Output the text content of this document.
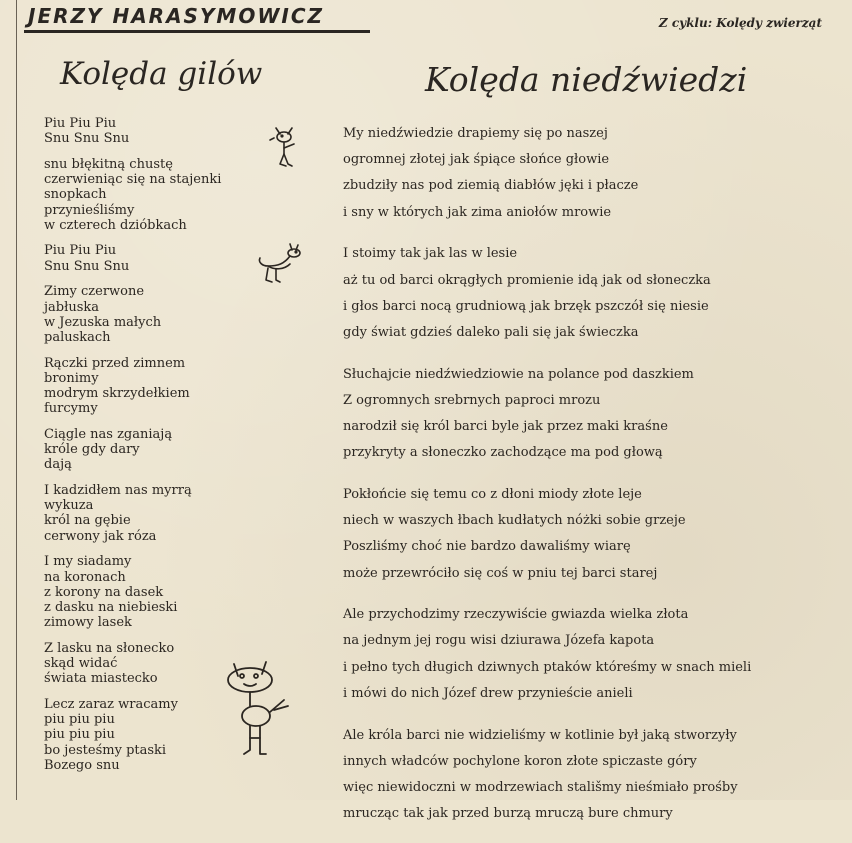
JERZY HARASYMOWICZ	Z cyklu: Kolędy zwierząt
Kolęda gilów	Kolęda niedźwiedzi
Piu Piu Piu
Snu Snu Snu
snu błękitną chustę
czerwieniąc się na stajenki
snopkach
przynieśliśmy
w czterech dzióbkach
Piu Piu Piu
Snu Snu Snu
Zimy czerwone
jabłuska
w Jezuska małych
paluskach
Rączki przed zimnem
bronimy
modrym skrzydełkiem
furcymy
Ciągle nas zganiają
króle gdy dary
dają
I kadzidłem nas myrrą
wykuza
król na gębie
cerwony jak róza
I my siadamy
na koronach
z korony na dasek
z dasku na niebieski
zimowy lasek
Z lasku na słonecko
skąd widać
świata miastecko
Lecz zaraz wracamy
piu piu piu
piu piu piu
bo jesteśmy ptaski
Bozego snu
My niedźwiedzie drapiemy się po naszej
ogromnej złotej jak śpiące słońce głowie
zbudziły nas pod ziemią diabłów jęki i płacze
i sny w których jak zima aniołów mrowie
I stoimy tak jak las w lesie
aż tu od barci okrągłych promienie idą jak od słoneczka
i głos barci nocą grudniową jak brzęk pszczół się niesie
gdy świat gdzieś daleko pali się jak świeczka
Słuchajcie niedźwiedziowie na polance pod daszkiem
Z ogromnych srebrnych paproci mrozu
narodził się król barci byle jak przez maki kraśne
przykryty a słoneczko zachodzące ma pod głową
Pokłońcie się temu co z dłoni miody złote leje
niech w waszych łbach kudłatych nóżki sobie grzeje
Poszliśmy choć nie bardzo dawaliśmy wiarę
może przewróciło się coś w pniu tej barci starej
Ale przychodzimy rzeczywiście gwiazda wielka złota
na jednym jej rogu wisi dziurawa Józefa kapota
i pełno tych długich dziwnych ptaków któreśmy w snach mieli
i mówi do nich Józef drew przynieście anieli
Ale króla barci nie widzieliśmy w kotlinie był jaką stworzyły
innych władców pochylone koron złote spiczaste góry
więc niewidoczni w modrzewiach stališmy nieśmiało prośby
mrucząc tak jak przed burzą mruczą bure chmury
